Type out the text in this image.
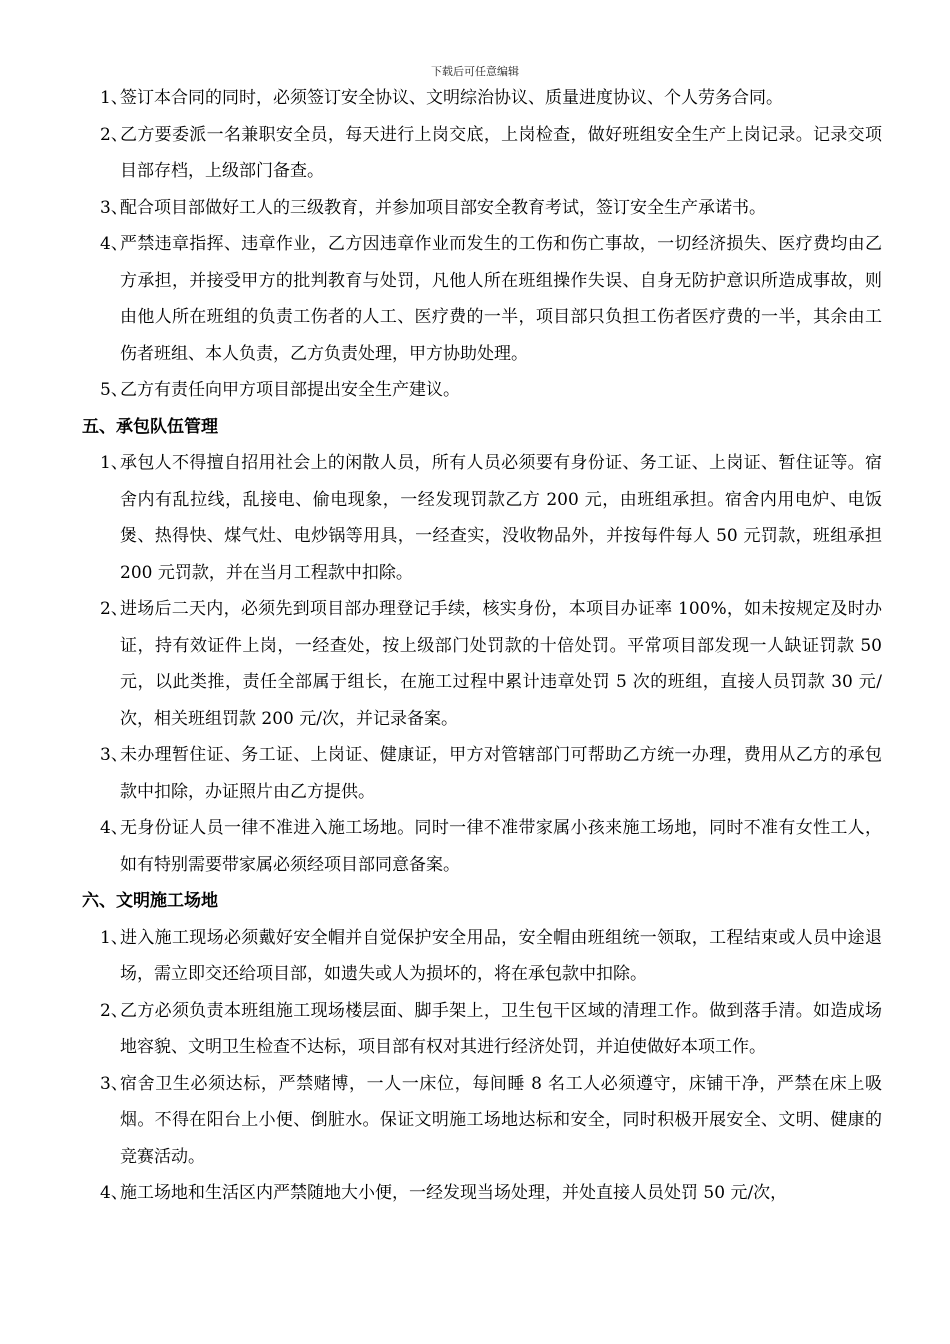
下载后可任意编辑
1、
签订本合同的同时，必须签订安全协议、文明综治协议、质量进度协议、个人劳务合同。
2、
乙方要委派一名兼职安全员，每天进行上岗交底，上岗检查，做好班组安全生产上岗记录。记录交项目部存档，上级部门备查。
3、
配合项目部做好工人的三级教育，并参加项目部安全教育考试，签订安全生产承诺书。
4、
严禁违章指挥、违章作业，乙方因违章作业而发生的工伤和伤亡事故，一切经济损失、医疗费均由乙方承担，并接受甲方的批判教育与处罚，凡他人所在班组操作失误、自身无防护意识所造成事故，则由他人所在班组的负责工伤者的人工、医疗费的一半，项目部只负担工伤者医疗费的一半，其余由工伤者班组、本人负责，乙方负责处理，甲方协助处理。
5、
乙方有责任向甲方项目部提出安全生产建议。
五、承包队伍管理
1、
承包人不得擅自招用社会上的闲散人员，所有人员必须要有身份证、务工证、上岗证、暂住证等。宿舍内有乱拉线，乱接电、偷电现象，一经发现罚款乙方 200 元，由班组承担。宿舍内用电炉、电饭煲、热得快、煤气灶、电炒锅等用具，一经查实，没收物品外，并按每件每人 50 元罚款，班组承担 200 元罚款，并在当月工程款中扣除。
2、
进场后二天内，必须先到项目部办理登记手续，核实身份，本项目办证率 100%，如未按规定及时办证，持有效证件上岗，一经查处，按上级部门处罚款的十倍处罚。平常项目部发现一人缺证罚款 50 元，以此类推，责任全部属于组长，在施工过程中累计违章处罚 5 次的班组，直接人员罚款 30 元/次，相关班组罚款 200 元/次，并记录备案。
3、
未办理暂住证、务工证、上岗证、健康证，甲方对管辖部门可帮助乙方统一办理，费用从乙方的承包款中扣除，办证照片由乙方提供。
4、
无身份证人员一律不准进入施工场地。同时一律不准带家属小孩来施工场地，同时不准有女性工人，如有特别需要带家属必须经项目部同意备案。
六、文明施工场地
1、
进入施工现场必须戴好安全帽并自觉保护安全用品，安全帽由班组统一领取，工程结束或人员中途退场，需立即交还给项目部，如遗失或人为损坏的，将在承包款中扣除。
2、
乙方必须负责本班组施工现场楼层面、脚手架上，卫生包干区域的清理工作。做到落手清。如造成场地容貌、文明卫生检查不达标，项目部有权对其进行经济处罚，并迫使做好本项工作。
3、
宿舍卫生必须达标，严禁赌博，一人一床位，每间睡 8 名工人必须遵守，床铺干净，严禁在床上吸烟。不得在阳台上小便、倒脏水。保证文明施工场地达标和安全，同时积极开展安全、文明、健康的竞赛活动。
4、
施工场地和生活区内严禁随地大小便，一经发现当场处理，并处直接人员处罚 50 元/次，
